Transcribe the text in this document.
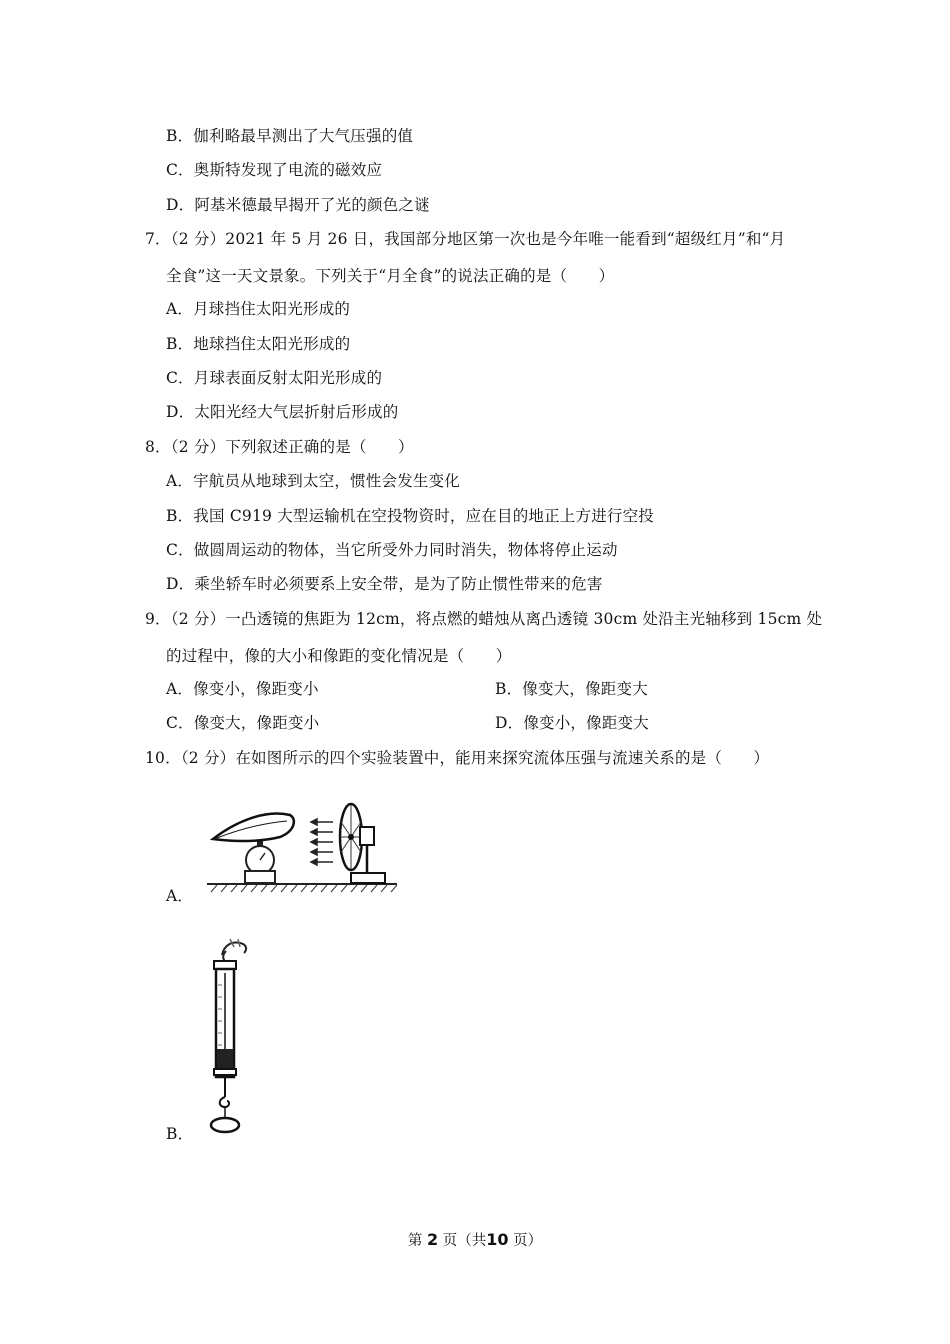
B．伽利略最早测出了大气压强的值
C．奥斯特发现了电流的磁效应
D．阿基米德最早揭开了光的颜色之谜
7．（2 分）2021 年 5 月 26 日，我国部分地区第一次也是今年唯一能看到“超级红月”和“月
全食”这一天文景象。下列关于“月全食”的说法正确的是（　　）
A．月球挡住太阳光形成的
B．地球挡住太阳光形成的
C．月球表面反射太阳光形成的
D．太阳光经大气层折射后形成的
8．（2 分）下列叙述正确的是（　　）
A．宇航员从地球到太空，惯性会发生变化
B．我国 C919 大型运输机在空投物资时，应在目的地正上方进行空投
C．做圆周运动的物体，当它所受外力同时消失，物体将停止运动
D．乘坐轿车时必须要系上安全带，是为了防止惯性带来的危害
9．（2 分）一凸透镜的焦距为 12cm，将点燃的蜡烛从离凸透镜 30cm 处沿主光轴移到 15cm 处
的过程中，像的大小和像距的变化情况是（　　）
A．像变小，像距变小	B．像变大，像距变大
C．像变大，像距变小	D．像变小，像距变大
10．（2 分）在如图所示的四个实验装置中，能用来探究流体压强与流速关系的是（　　）
A．
B．
第 2 页（共10 页）
